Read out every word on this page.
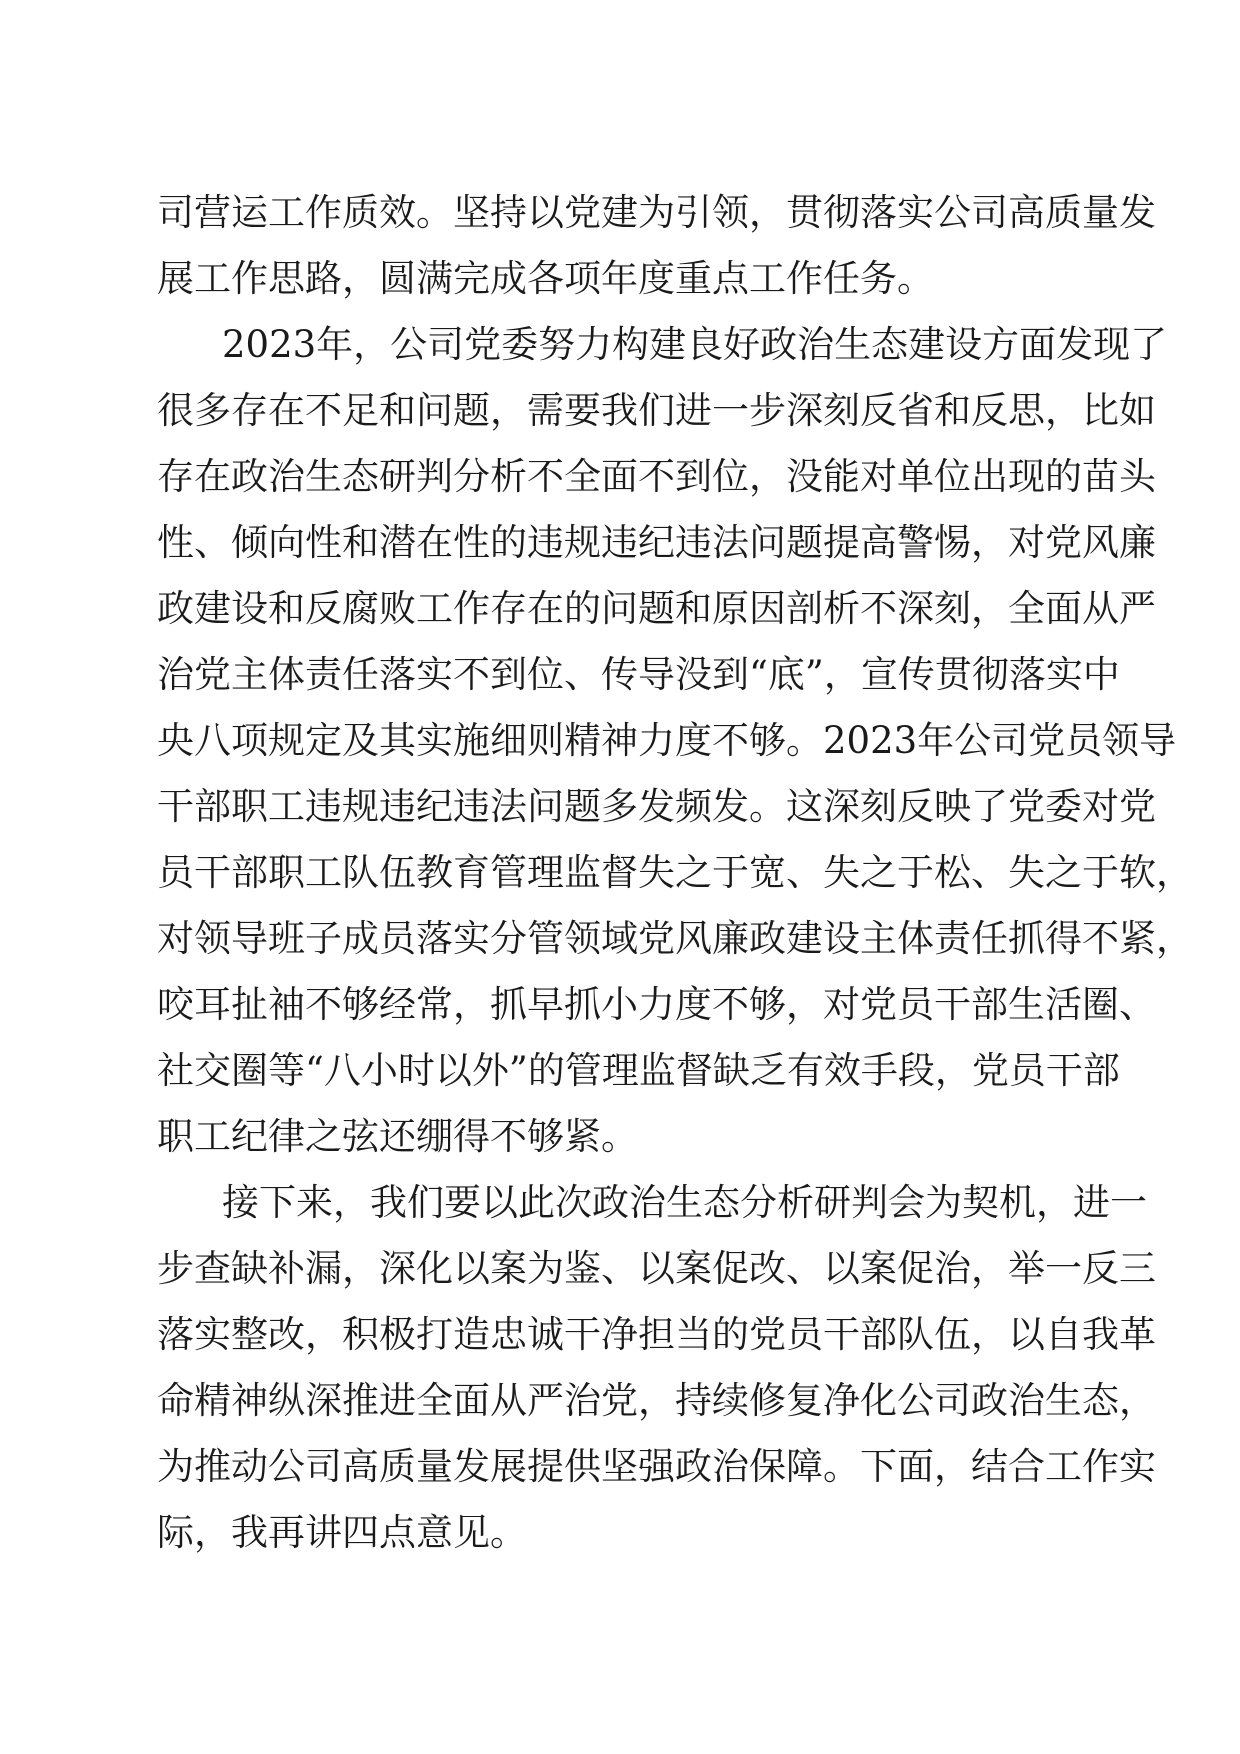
司营运工作质效。坚持以党建为引领，贯彻落实公司高质量发
展工作思路，圆满完成各项年度重点工作任务。
2023年，公司党委努力构建良好政治生态建设方面发现了
很多存在不足和问题，需要我们进一步深刻反省和反思，比如
存在政治生态研判分析不全面不到位，没能对单位出现的苗头
性、倾向性和潜在性的违规违纪违法问题提高警惕，对党风廉
政建设和反腐败工作存在的问题和原因剖析不深刻，全面从严
治党主体责任落实不到位、传导没到“底”，宣传贯彻落实中
央八项规定及其实施细则精神力度不够。2023年公司党员领导
干部职工违规违纪违法问题多发频发。这深刻反映了党委对党
员干部职工队伍教育管理监督失之于宽、失之于松、失之于软，
对领导班子成员落实分管领域党风廉政建设主体责任抓得不紧，
咬耳扯袖不够经常，抓早抓小力度不够，对党员干部生活圈、
社交圈等“八小时以外”的管理监督缺乏有效手段，党员干部
职工纪律之弦还绷得不够紧。
接下来，我们要以此次政治生态分析研判会为契机，进一
步查缺补漏，深化以案为鉴、以案促改、以案促治，举一反三
落实整改，积极打造忠诚干净担当的党员干部队伍，以自我革
命精神纵深推进全面从严治党，持续修复净化公司政治生态，
为推动公司高质量发展提供坚强政治保障。下面，结合工作实
际，我再讲四点意见。
